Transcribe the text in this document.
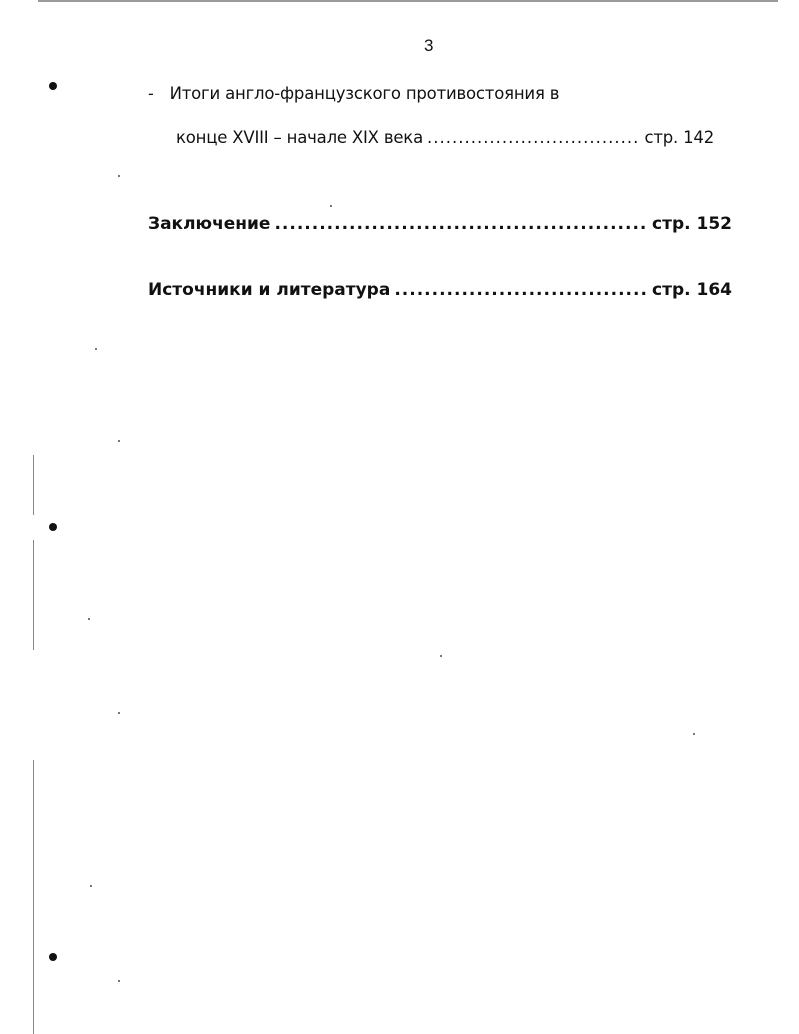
3
- Итоги англо-французского противостояния в
конце XVIII – начале XIX века .....	стр. 142
Заключение .....	стр. 152
Источники и литература .....	стр. 164
